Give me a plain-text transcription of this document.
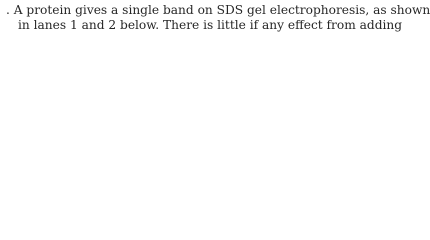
. A protein gives a single band on SDS gel electrophoresis, as shown
in lanes 1 and 2 below. There is little if any effect from adding
